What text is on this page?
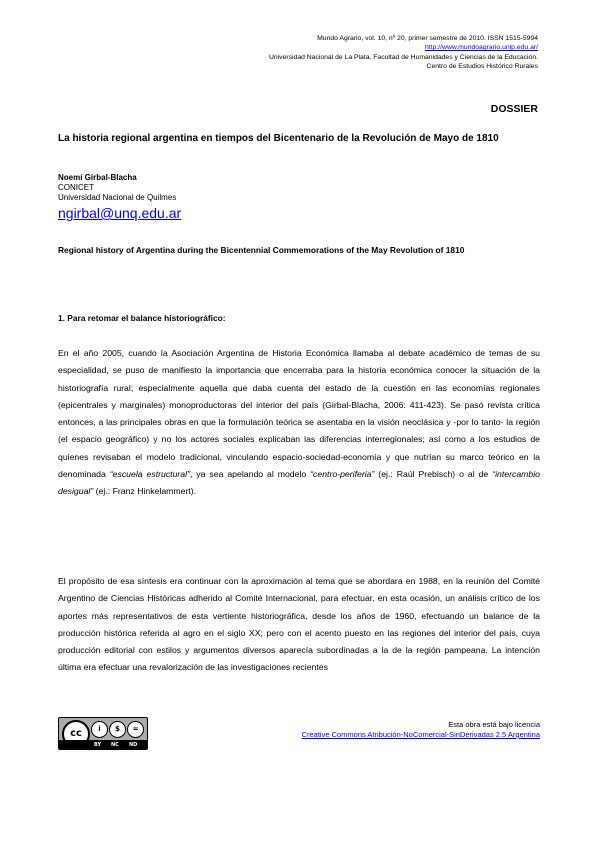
Mundo Agrario, vol. 10, nº 20, primer semestre de 2010. ISSN 1515-5994
http://www.mundoagrario.unlp.edu.ar/
Universidad Nacional de La Plata. Facultad de Humanidades y Ciencias de la Educación.
Centro de Estudios Histórico Rurales
DOSSIER
La historia regional argentina en tiempos del Bicentenario de la Revolución de Mayo de 1810
Noemí Girbal-Blacha
CONICET
Universidad Nacional de Quilmes
ngirbal@unq.edu.ar
Regional history of Argentina during the Bicentennial Commemorations of the May Revolution of 1810
1. Para retomar el balance historiográfico:

En el año 2005, cuando la Asociación Argentina de Historia Económica llamaba al debate académico de temas de su especialidad, se puso de manifiesto la importancia que encerraba para la historia económica conocer la situación de la historiografía rural; especialmente aquella que daba cuenta del estado de la cuestión en las economías regionales (epicentrales y marginales) monoproductoras del interior del país (Girbal-Blacha, 2006: 411-423). Se pasó revista crítica entonces, a las principales obras en que la formulación teórica se asentaba en la visión neoclásica y -por lo tanto- la región (el espacio geográfico) y no los actores sociales explicaban las diferencias interregionales; así como a los estudios de quienes revisaban el modelo tradicional, vinculando espacio-sociedad-economía y que nutrían su marco teórico en la denominada “escuela estructural”, ya sea apelando al modelo “centro-periferia” (ej.: Raúl Prebisch) o al de “intercambio desigual” (ej.: Franz Hinkelammert).

El propósito de esa síntesis era continuar con la aproximación al tema que se abordara en 1988, en la reunión del Comité Argentino de Ciencias Históricas adherido al Comité Internacional, para efectuar, en esta ocasión, un análisis crítico de los aportes más representativos de esta vertiente historiográfica, desde los años de 1960, efectuando un balance de la producción histórica referida al agro en el siglo XX; pero con el acento puesto en las regiones del interior del país, cuya producción editorial con estilos y argumentos diversos aparecía subordinadas a la de la región pampeana. La intención última era efectuar una revalorización de las investigaciones recientes

cc	i	$	=
BY NC ND
Esta obra está bajo licencia
Creative Commons Atribución-NoComercial-SinDerivadas 2.5 Argentina
